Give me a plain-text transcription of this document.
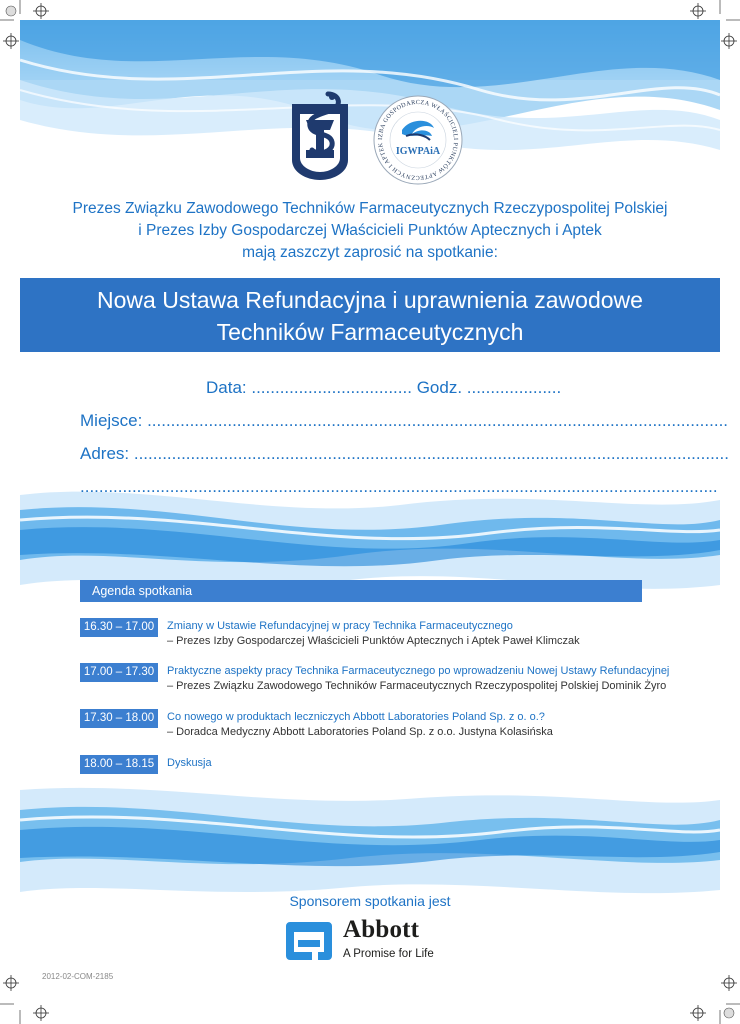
IZBA GOSPODARCZA WŁAŚCICIELI PUNKTÓW APTECZNYCH I APTEK
IGWPAiA
Prezes Związku Zawodowego Techników Farmaceutycznych Rzeczypospolitej Polskiej
i Prezes Izby Gospodarczej Właścicieli Punktów Aptecznych i Aptek
mają zaszczyt zaprosić na spotkanie:
Nowa Ustawa Refundacyjna i uprawnienia zawodowe
Techników Farmaceutycznych
Data: .................................. Godz. ....................
Miejsce: ...........................................................................................................................
Adres: ..............................................................................................................................
.......................................................................................................................................
Agenda spotkania
16.30 – 17.00	Zmiany w Ustawie Refundacyjnej w pracy Technika Farmaceutycznego
– Prezes Izby Gospodarczej Właścicieli Punktów Aptecznych i Aptek Paweł Klimczak
17.00 – 17.30	Praktyczne aspekty pracy Technika Farmaceutycznego po wprowadzeniu Nowej Ustawy Refundacyjnej
– Prezes Związku Zawodowego Techników Farmaceutycznych Rzeczypospolitej Polskiej Dominik Żyro
17.30 – 18.00	Co nowego w produktach leczniczych Abbott Laboratories Poland Sp. z o. o.?
– Doradca Medyczny Abbott Laboratories Poland Sp. z o.o. Justyna Kolasińska
18.00 – 18.15	Dyskusja
Sponsorem spotkania jest
Abbott
A Promise for Life
2012-02-COM-2185
